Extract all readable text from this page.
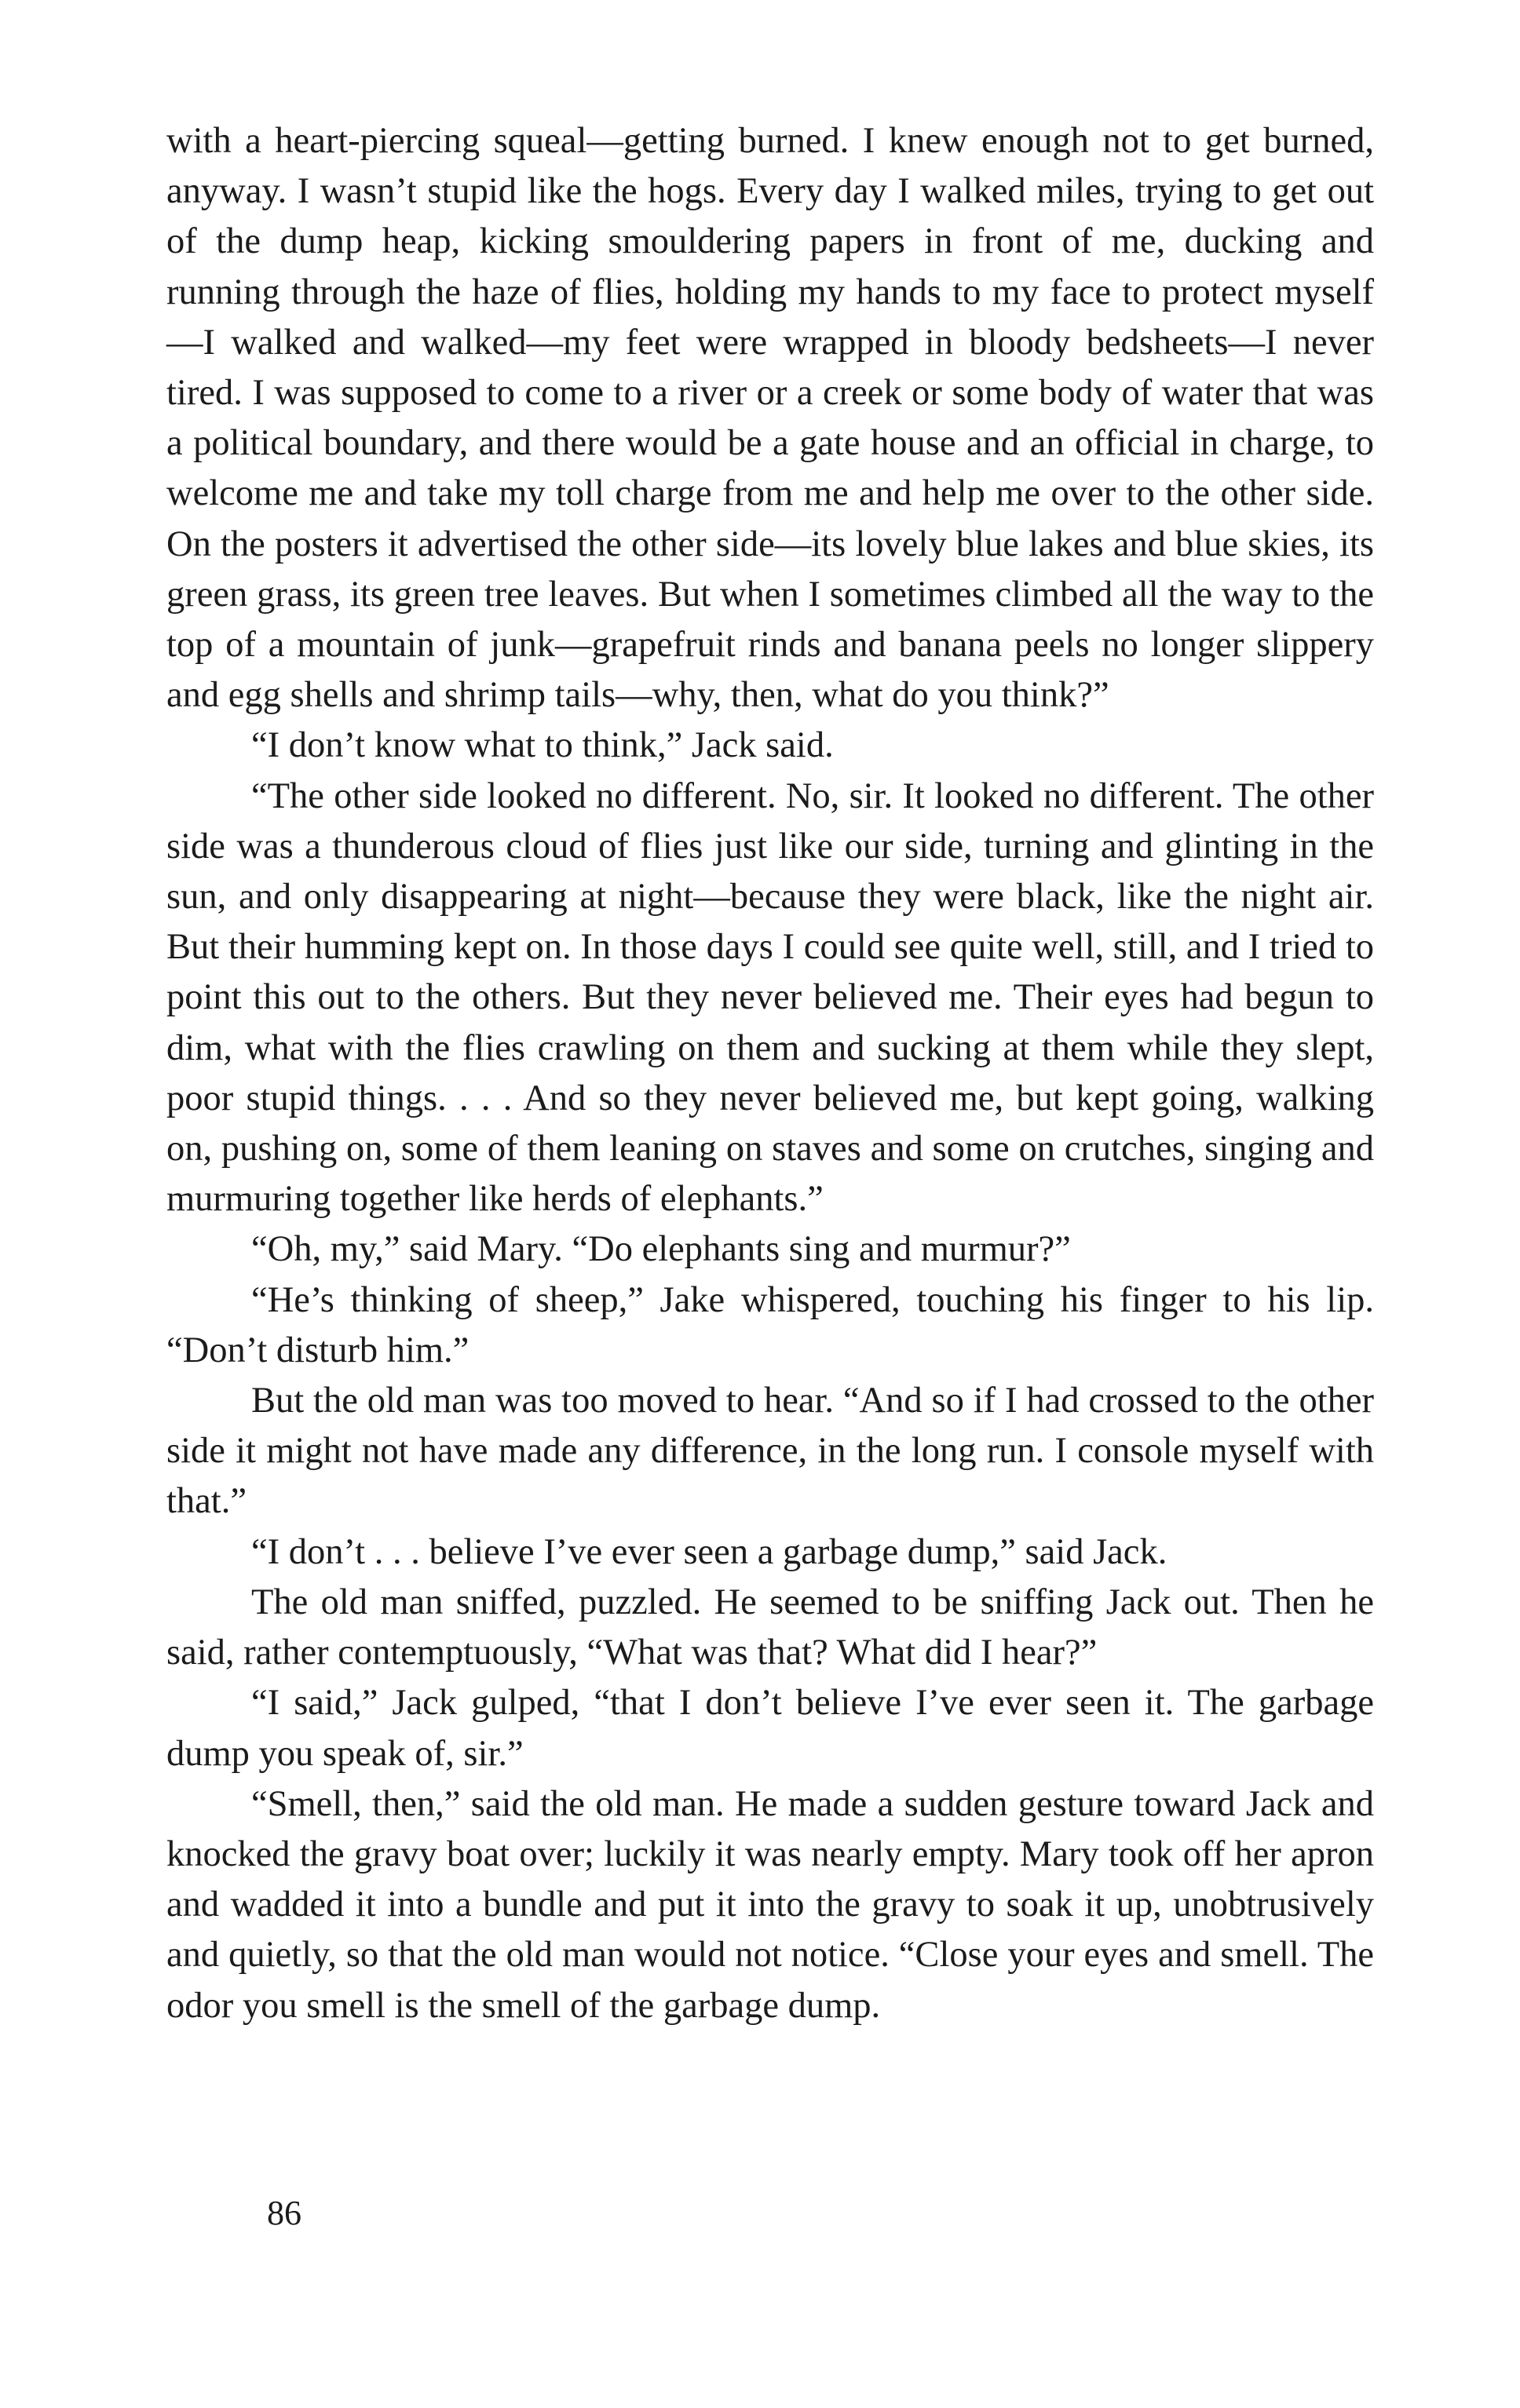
with a heart-piercing squeal—getting burned. I knew enough not to get burned, anyway. I wasn’t stupid like the hogs. Every day I walked miles, trying to get out of the dump heap, kicking smouldering papers in front of me, ducking and running through the haze of flies, holding my hands to my face to protect myself—I walked and walked—my feet were wrapped in bloody bedsheets—I never tired. I was supposed to come to a river or a creek or some body of water that was a political boundary, and there would be a gate house and an official in charge, to welcome me and take my toll charge from me and help me over to the other side. On the posters it advertised the other side—its lovely blue lakes and blue skies, its green grass, its green tree leaves. But when I sometimes climbed all the way to the top of a mountain of junk—grapefruit rinds and banana peels no longer slippery and egg shells and shrimp tails—why, then, what do you think?”

“I don’t know what to think,” Jack said.

“The other side looked no different. No, sir. It looked no different. The other side was a thunderous cloud of flies just like our side, turning and glinting in the sun, and only disappearing at night—because they were black, like the night air. But their humming kept on. In those days I could see quite well, still, and I tried to point this out to the others. But they never believed me. Their eyes had begun to dim, what with the flies crawling on them and sucking at them while they slept, poor stupid things. . . . And so they never believed me, but kept going, walking on, pushing on, some of them leaning on staves and some on crutches, singing and murmuring together like herds of elephants.”

“Oh, my,” said Mary. “Do elephants sing and murmur?”

“He’s thinking of sheep,” Jake whispered, touching his finger to his lip. “Don’t disturb him.”

But the old man was too moved to hear. “And so if I had crossed to the other side it might not have made any difference, in the long run. I console myself with that.”

“I don’t . . . believe I’ve ever seen a garbage dump,” said Jack.

The old man sniffed, puzzled. He seemed to be sniffing Jack out. Then he said, rather contemptuously, “What was that? What did I hear?”

“I said,” Jack gulped, “that I don’t believe I’ve ever seen it. The garbage dump you speak of, sir.”

“Smell, then,” said the old man. He made a sudden gesture toward Jack and knocked the gravy boat over; luckily it was nearly empty. Mary took off her apron and wadded it into a bundle and put it into the gravy to soak it up, unobtrusively and quietly, so that the old man would not notice. “Close your eyes and smell. The odor you smell is the smell of the garbage dump.

86
